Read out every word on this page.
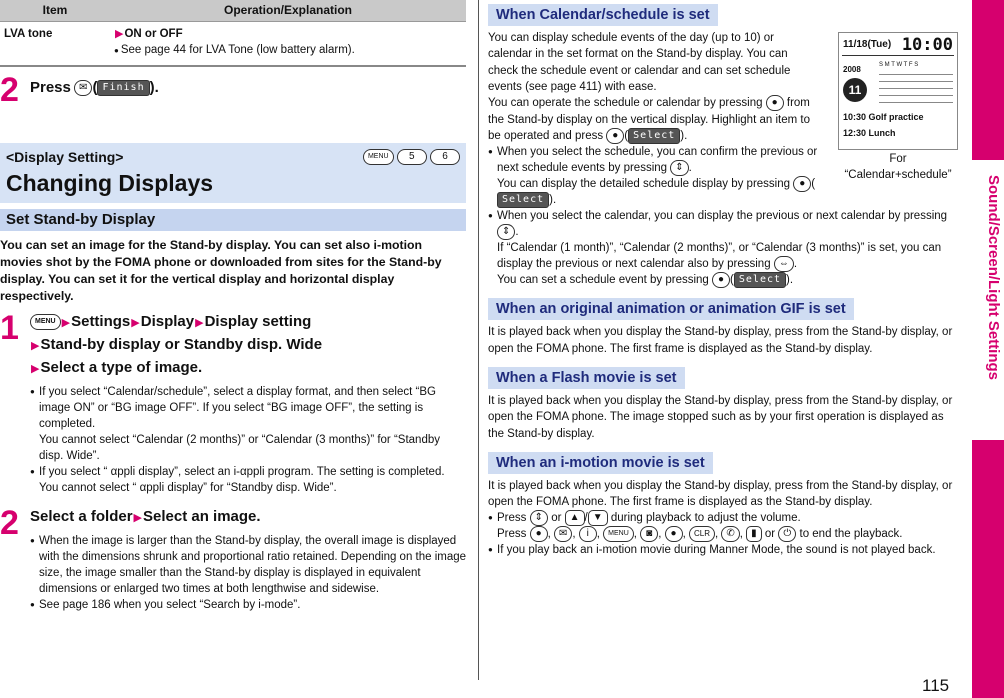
Item	Operation/Explanation
LVA tone	▶ON or OFF
● See page 44 for LVA Tone (low battery alarm).
2 Press ✉ ( Finish ).
<Display Setting>
Changing Displays
MENU 5	6
Set Stand-by Display

You can set an image for the Stand-by display. You can set also i-motion movies shot by the FOMA phone or downloaded from sites for the Stand-by display. You can set it for the vertical display and horizontal display respectively.

1	MENU ▶Settings▶Display▶Display setting
▶Stand-by display or Standby disp. Wide
▶Select a type of image.

● If you select “Calendar/schedule”, select a display format, and then select “BG image ON” or “BG image OFF”. If you select “BG image OFF”, the setting is completed.

You cannot select “Calendar (2 months)” or “Calendar (3 months)” for “Standby disp. Wide”.

● If you select “ αppli display”, select an i-αppli program. The setting is completed.

You cannot select “ αppli display” for “Standby disp. Wide”.

2 Select a folder▶Select an image.

● When the image is larger than the Stand-by display, the overall image is displayed with the dimensions shrunk and proportional ratio retained. Depending on the image size, the image smaller than the Stand-by display is displayed in equivalent dimensions or enlarged two times at both lengthwise and sidewise.

● See page 186 when you select “Search by i-mode”.

When Calendar/schedule is set

You can display schedule events of the day (up to 10) or calendar in the set format on the Stand-by display. You can check the schedule event or calendar and can set schedule events (see page 411) with ease.

You can operate the schedule or calendar by pressing ● from the Stand-by display on the vertical display. Highlight an item to be operated and press ● ( Select ).

● When you select the schedule, you can confirm the previous or next schedule events by pressing ⇕ .

You can display the detailed schedule display by pressing ● (Select ).

● When you select the calendar, you can display the previous or next calendar by pressing ⇕ .

If “Calendar (1 month)”, “Calendar (2 months)”, or “Calendar (3 months)” is set, you can display the previous or next calendar also by pressing ⇔ .

You can set a schedule event by pressing ● ( Select ).

When an original animation or animation GIF is set

It is played back when you display the Stand-by display, press from the Stand-by display, or open the FOMA phone. The first frame is displayed as the Stand-by display.

When a Flash movie is set

It is played back when you display the Stand-by display, press from the Stand-by display, or open the FOMA phone. The image stopped such as by your first operation is displayed as the Stand-by display.

When an i-motion movie is set

It is played back when you display the Stand-by display, press from the Stand-by display, or open the FOMA phone. The first frame is displayed as the Stand-by display.

● Press ⇕ or ▲ / ▼ during playback to adjust the volume.

Press ● , ✉ , i , MENU , ◙ , ● , CLR , ✆ , ▮ or ⏻ to end the playback.

● If you play back an i-motion movie during Manner Mode, the sound is not played back.

11/18(Tue) 10:00
2008
11
S M T W T F S
10:30 Golf practice
12:30 Lunch
For “Calendar+schedule”	Sound/Screen/Light Settings
115
